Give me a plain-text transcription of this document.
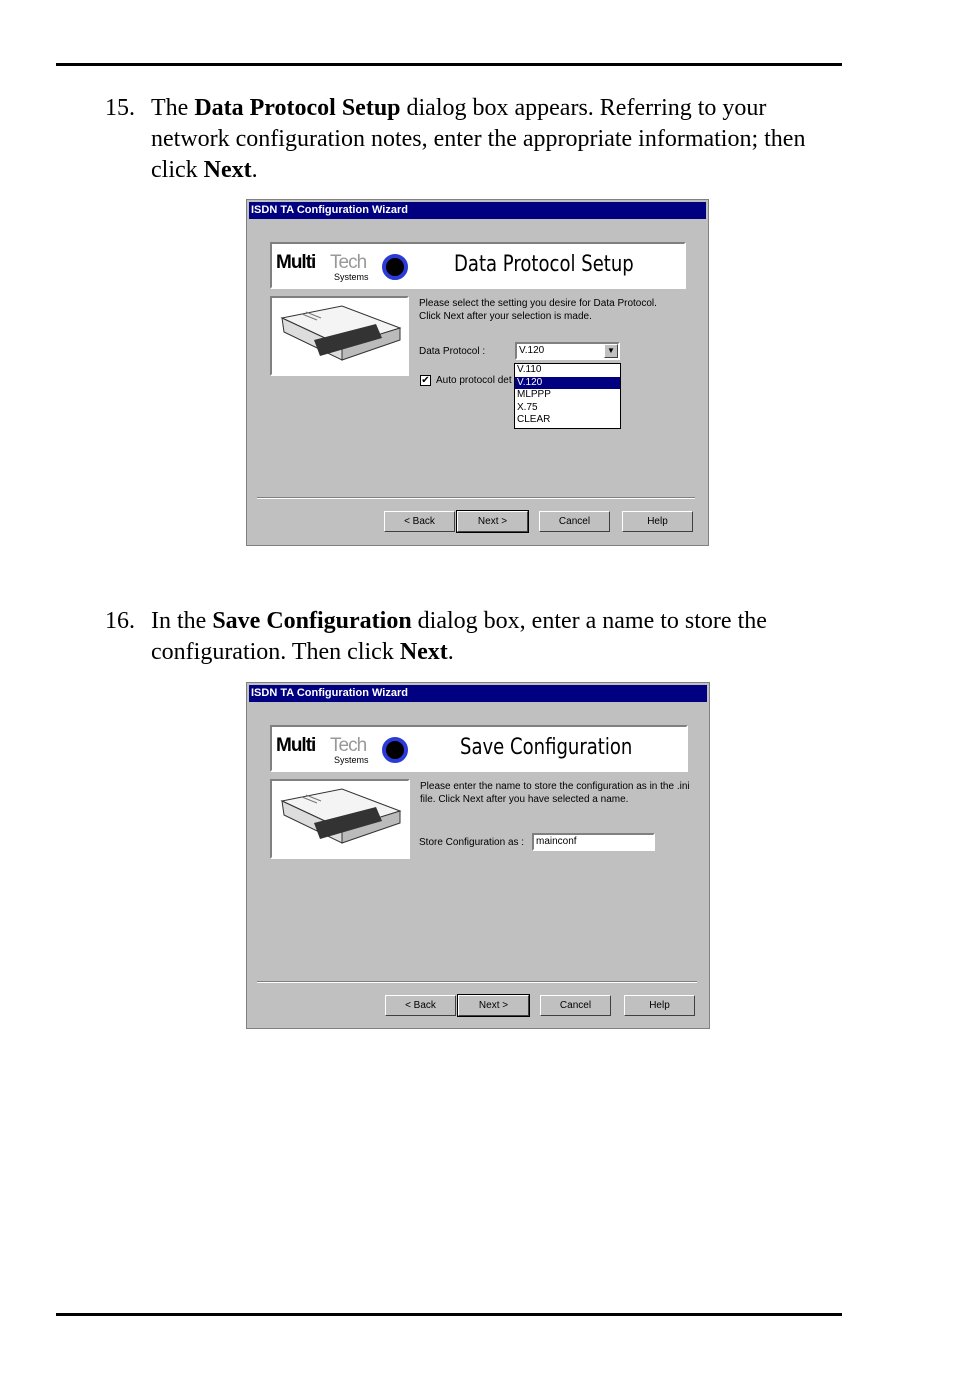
15. The Data Protocol Setup dialog box appears. Referring to your network configuration notes, enter the appropriate information; then click Next.
ISDN TA Configuration Wizard
Multi Tech
Systems	Data Protocol Setup
Please select the setting you desire for Data Protocol. Click Next after your selection is made.
Data Protocol :	V.120	▼
V.110
V.120
MLPPP
X.75
CLEAR
✔ Auto protocol det
< Back	Next >	Cancel	Help
16. In the Save Configuration dialog box, enter a name to store the configuration. Then click Next.
ISDN TA Configuration Wizard
Multi Tech
Systems	Save Configuration
Please enter the name to store the configuration as in the .ini file. Click Next after you have selected a name.
Store Configuration as :	mainconf
< Back	Next >	Cancel	Help
